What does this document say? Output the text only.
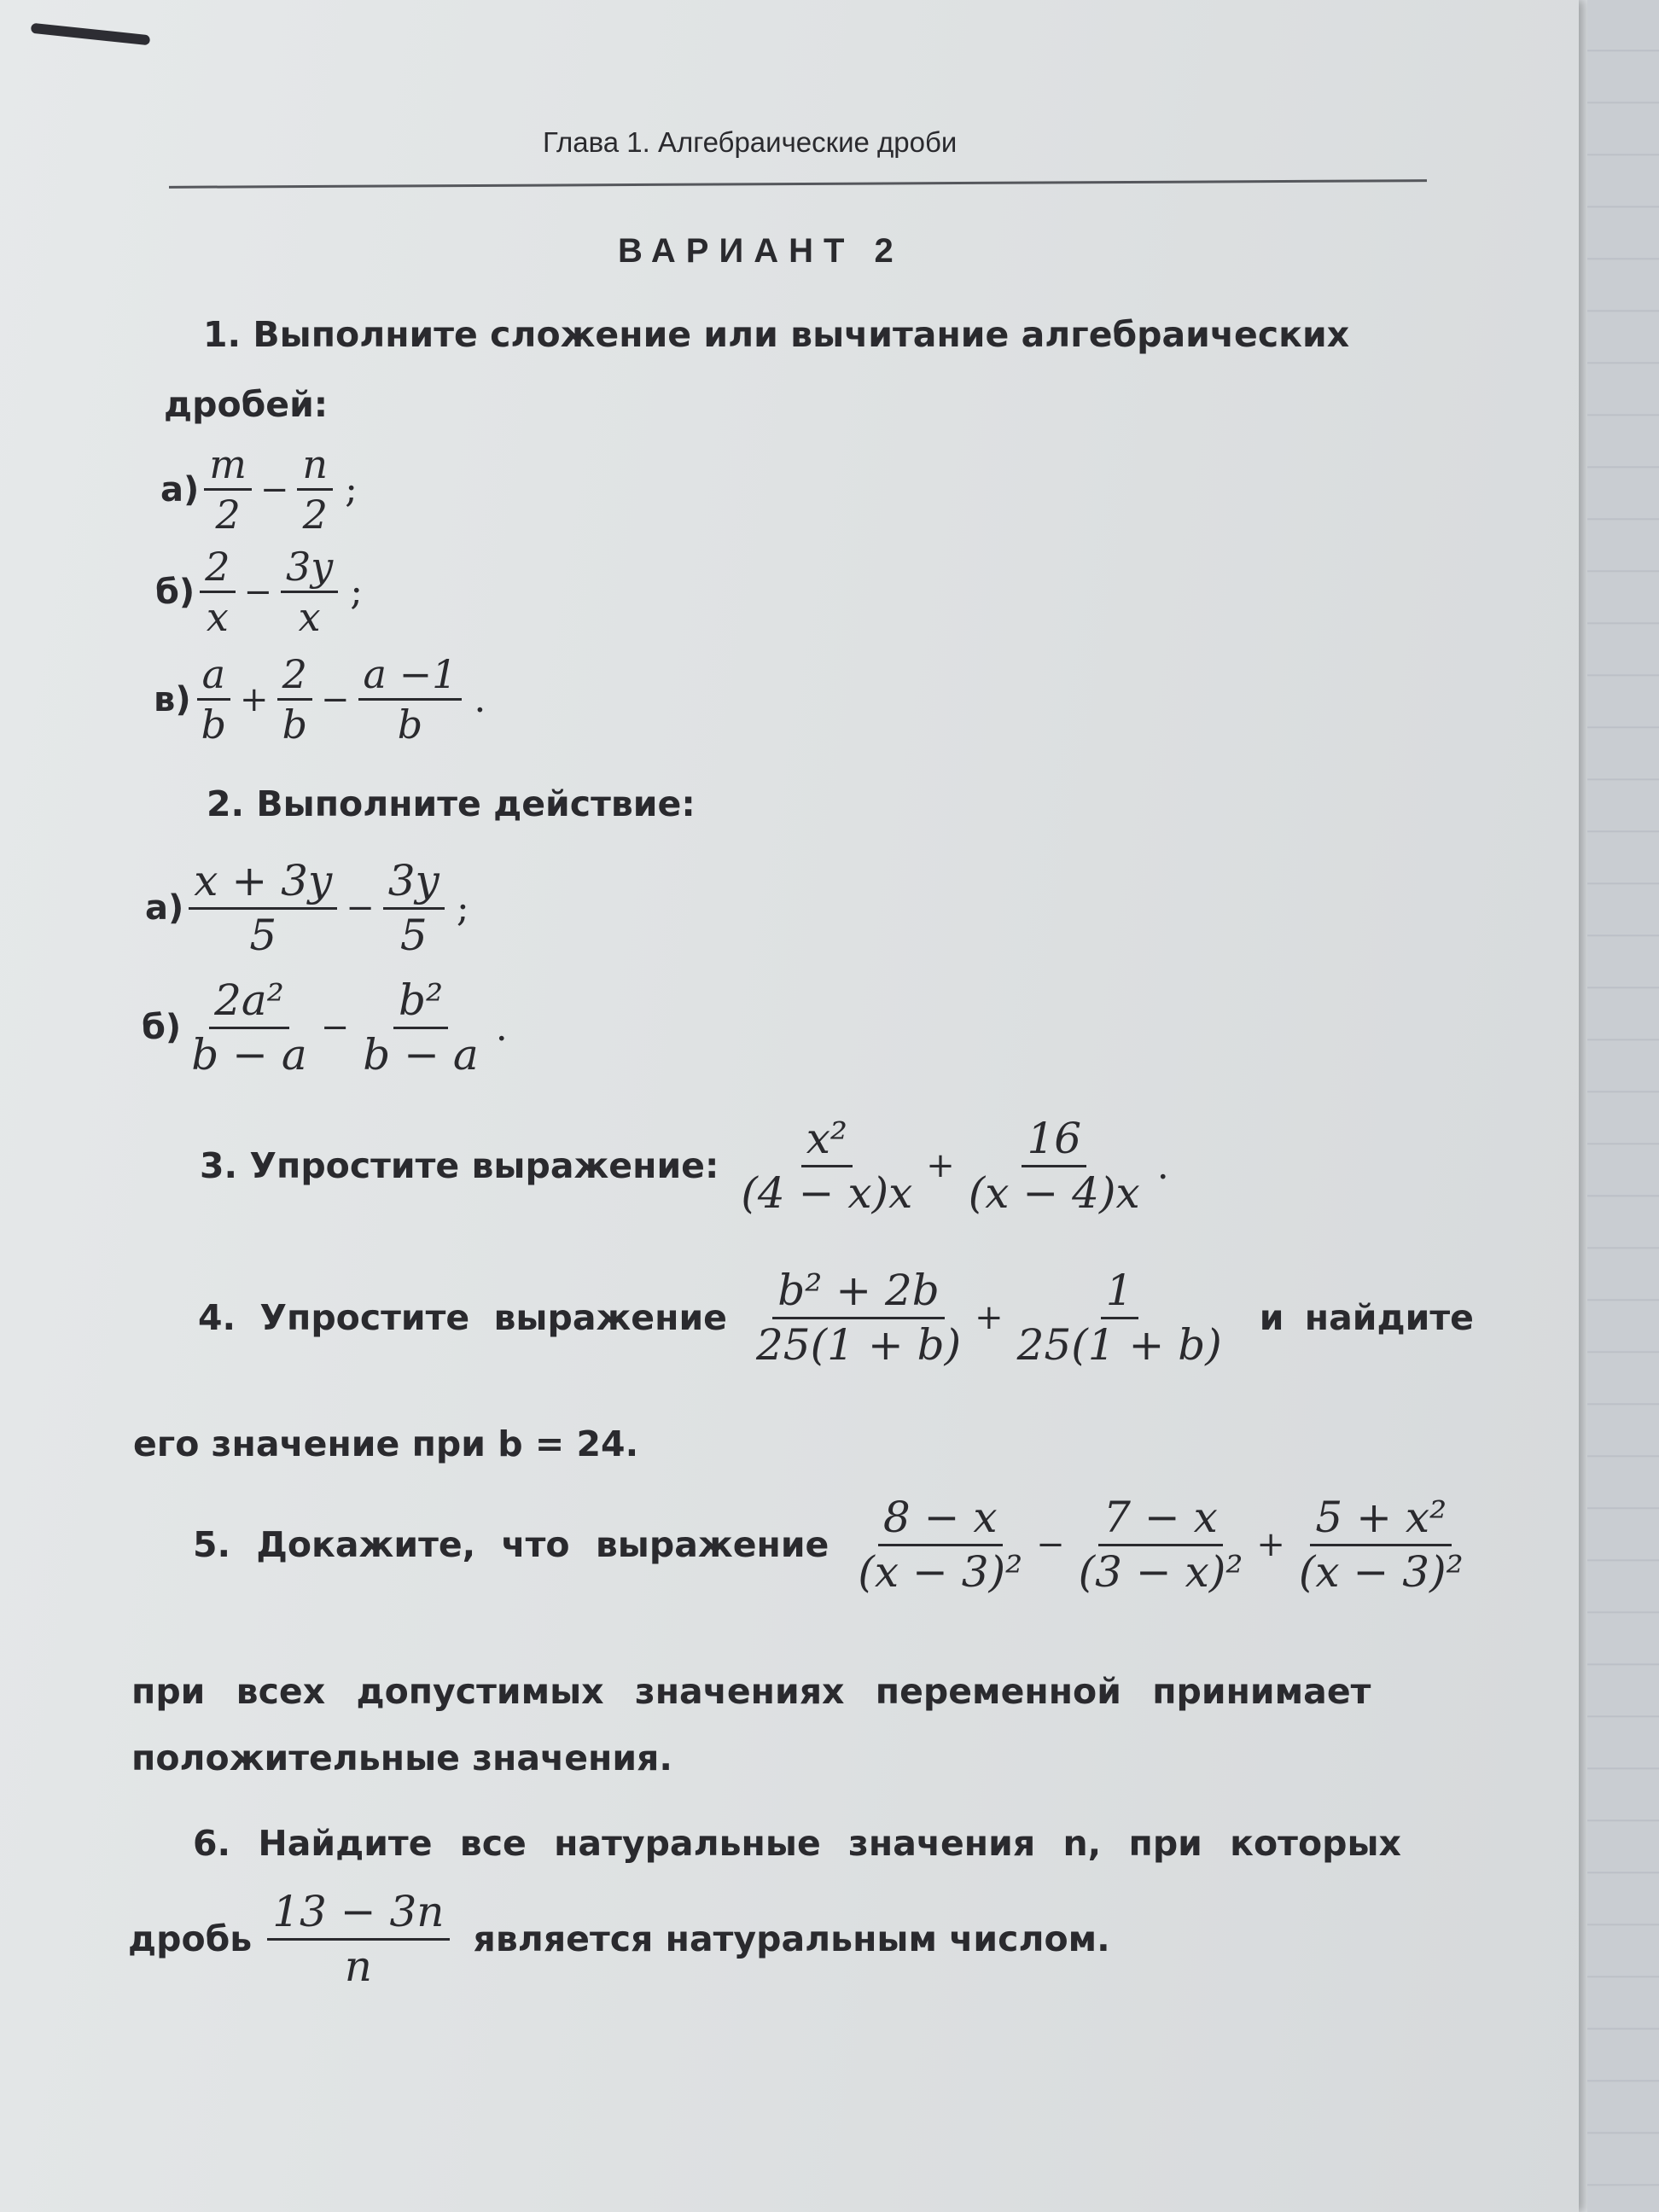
Глава 1. Алгебраические дроби
ВАРИАНТ 2
1. Выполните сложение или вычитание алгебраических
дробей:
$а) \frac{m}{2} - \frac{n}{2}$ ;
$б) \frac{2}{x} - \frac{3y}{x}$ ;
$в) \frac{a}{b} + \frac{2}{b} - \frac{a -1}{b}$ .
2. Выполните действие:
$а) \frac{x + 3y}{5} - \frac{3y}{5}$ ;
$б) \frac{\text{2a²}}{b - a} - \frac{\text{b²}}{b - a}$ .
3. Упростите выражение: $\frac{\text{x²}}{(4 - x)x} + \frac{16}{(x - 4)x}$ .
4. Упростите выражение $\frac{\text{b² + 2b}}{25(1 + b)} + \frac{1}{25(1 + b)}$ и найдите
его значение при b = 24.
5. Докажите, что выражение $\frac{8 - x}{\text{(x − 3)²}} - \frac{7 - x}{\text{(3 − x)²}} + \frac{\text{5 + x²}}{\text{(x − 3)²}}$
при всех допустимых значениях переменной принимает
положительные значения.
6. Найдите все натуральные значения n, при которых
дробь $\frac{13 - 3n}{n}$ является натуральным числом.
